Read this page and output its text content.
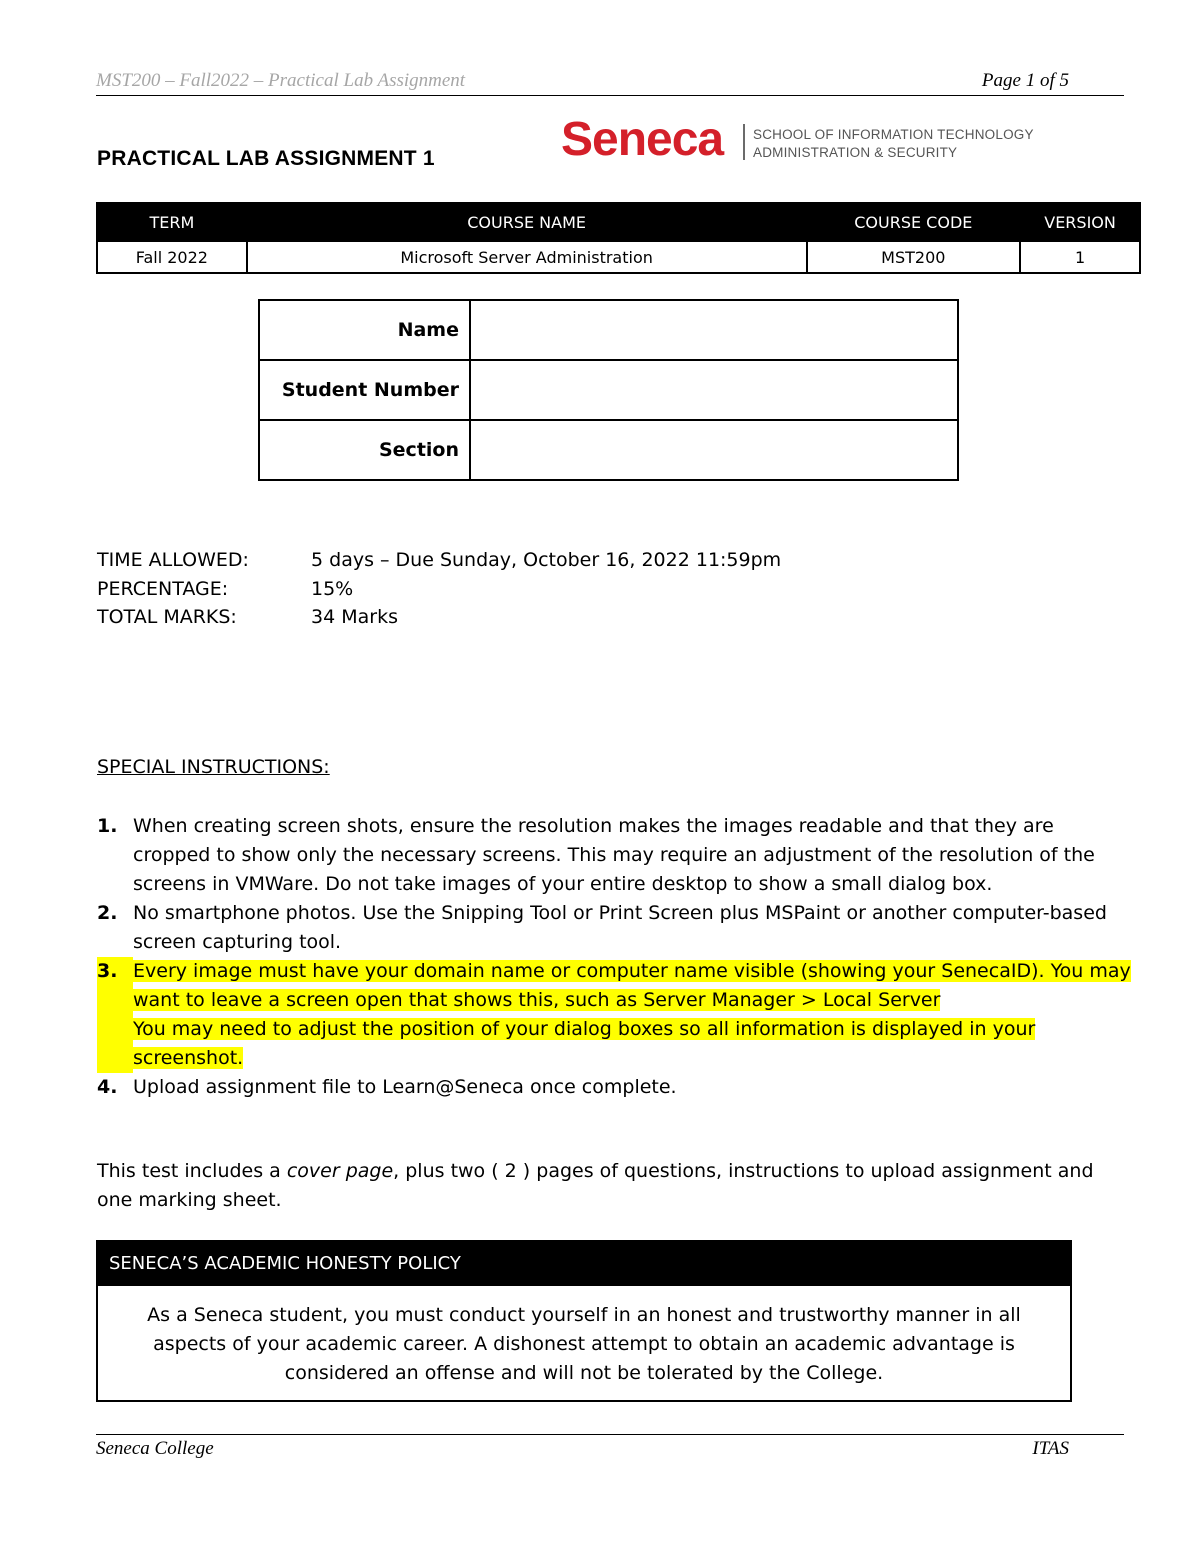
MST200 – Fall2022 – Practical Lab Assignment	Page 1 of 5
PRACTICAL LAB ASSIGNMENT 1	Seneca SCHOOL OF INFORMATION TECHNOLOGY
ADMINISTRATION & SECURITY
TERM	COURSE NAME	COURSE CODE	VERSION
Fall 2022	Microsoft Server Administration	MST200	1
Name	
Student Number	
Section	
TIME ALLOWED:	5 days – Due Sunday, October 16, 2022 11:59pm
PERCENTAGE:	15%
TOTAL MARKS:	34 Marks
SPECIAL INSTRUCTIONS:
1. When creating screen shots, ensure the resolution makes the images readable and that they are cropped to show only the necessary screens. This may require an adjustment of the resolution of the screens in VMWare. Do not take images of your entire desktop to show a small dialog box.
2. No smartphone photos. Use the Snipping Tool or Print Screen plus MSPaint or another computer-based screen capturing tool.
3. Every image must have your domain name or computer name visible (showing your SenecaID). You may want to leave a screen open that shows this, such as Server Manager > Local Server
You may need to adjust the position of your dialog boxes so all information is displayed in your screenshot.
4. Upload assignment file to Learn@Seneca once complete.
This test includes a cover page, plus two ( 2 ) pages of questions, instructions to upload assignment and one marking sheet.
SENECA’S ACADEMIC HONESTY POLICY
As a Seneca student, you must conduct yourself in an honest and trustworthy manner in all aspects of your academic career. A dishonest attempt to obtain an academic advantage is considered an offense and will not be tolerated by the College.
Seneca College	ITAS
